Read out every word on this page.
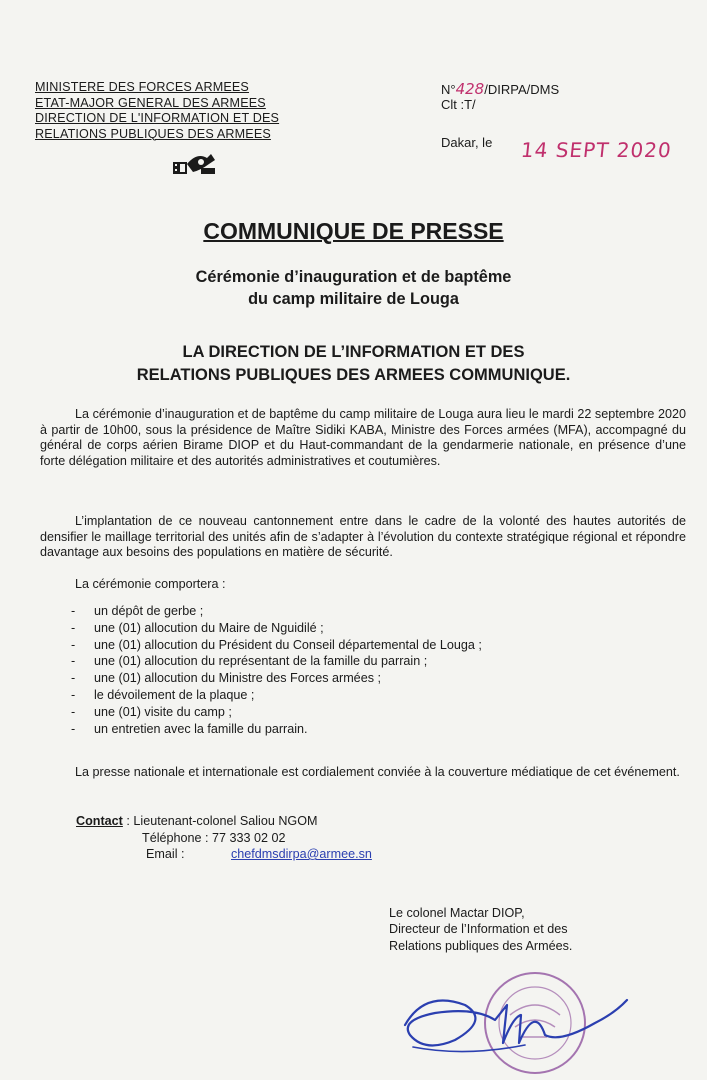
MINISTERE DES FORCES ARMEES
ETAT-MAJOR GENERAL DES ARMEES
DIRECTION DE L'INFORMATION ET DES
RELATIONS PUBLIQUES DES ARMEES
N°428/DIRPA/DMS
Clt :T/
Dakar, le 14 SEPT 2020
COMMUNIQUE DE PRESSE
Cérémonie d’inauguration et de baptême
du camp militaire de Louga
LA DIRECTION DE L’INFORMATION ET DES
RELATIONS PUBLIQUES DES ARMEES COMMUNIQUE.
La cérémonie d’inauguration et de baptême du camp militaire de Louga aura lieu le mardi 22 septembre 2020 à partir de 10h00, sous la présidence de Maître Sidiki KABA, Ministre des Forces armées (MFA), accompagné du général de corps aérien Birame DIOP et du Haut-commandant de la gendarmerie nationale, en présence d’une forte délégation militaire et des autorités administratives et coutumières.
L’implantation de ce nouveau cantonnement entre dans le cadre de la volonté des hautes autorités de densifier le maillage territorial des unités afin de s’adapter à l’évolution du contexte stratégique régional et répondre davantage aux besoins des populations en matière de sécurité.
La cérémonie comportera :
- un dépôt de gerbe ;
- une (01) allocution du Maire de Nguidilé ;
- une (01) allocution du Président du Conseil départemental de Louga ;
- une (01) allocution du représentant de la famille du parrain ;
- une (01) allocution du Ministre des Forces armées ;
- le dévoilement de la plaque ;
- une (01) visite du camp ;
- un entretien avec la famille du parrain.
La presse nationale et internationale est cordialement conviée à la couverture médiatique de cet événement.
Contact : Lieutenant-colonel Saliou NGOM
Téléphone : 77 333 02 02
Email :	chefdmsdirpa@armee.sn
Le colonel Mactar DIOP,
Directeur de l’Information et des
Relations publiques des Armées.
